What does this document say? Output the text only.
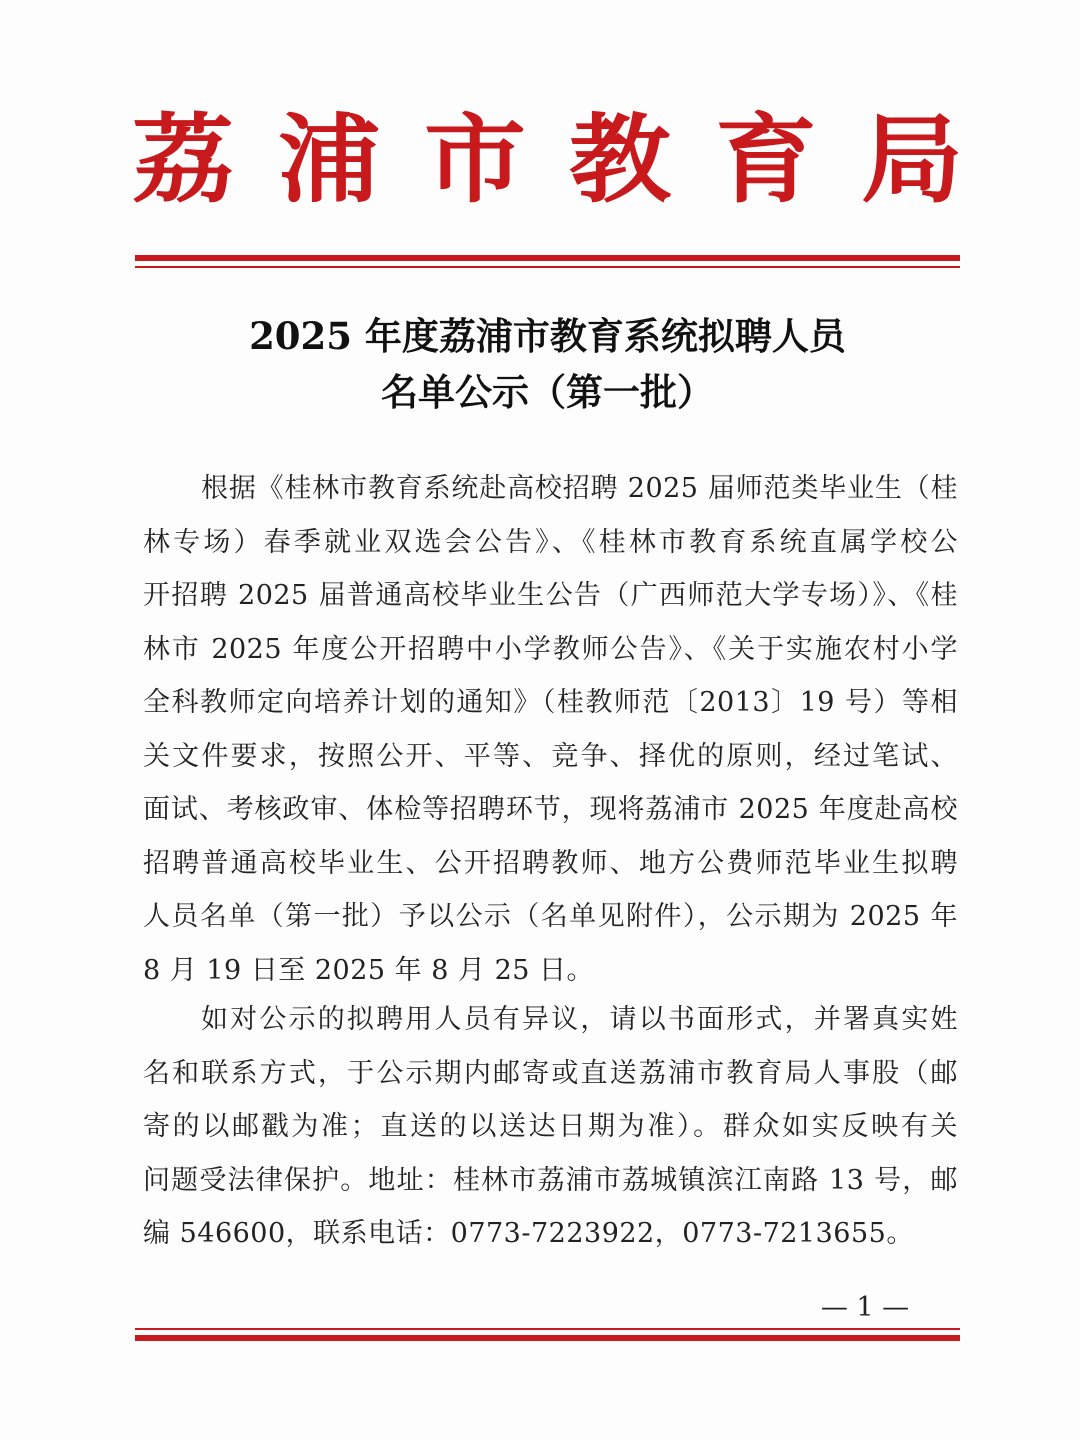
荔 浦 市 教 育 局
2025 年度荔浦市教育系统拟聘人员
名单公示（第一批）
根据《桂林市教育系统赴高校招聘 2025 届师范类毕业生（桂
林专场）春季就业双选会公告》、《桂林市教育系统直属学校公
开招聘 2025 届普通高校毕业生公告（广西师范大学专场）》、《桂
林市 2025 年度公开招聘中小学教师公告》、《关于实施农村小学
全科教师定向培养计划的通知》（桂教师范〔2013〕19 号）等相
关文件要求，按照公开、平等、竞争、择优的原则，经过笔试、
面试、考核政审、体检等招聘环节，现将荔浦市 2025 年度赴高校
招聘普通高校毕业生、公开招聘教师、地方公费师范毕业生拟聘
人员名单（第一批）予以公示（名单见附件），公示期为 2025 年
8 月 19 日至 2025 年 8 月 25 日。
如对公示的拟聘用人员有异议，请以书面形式，并署真实姓
名和联系方式，于公示期内邮寄或直送荔浦市教育局人事股（邮
寄的以邮戳为准；直送的以送达日期为准）。群众如实反映有关
问题受法律保护。地址：桂林市荔浦市荔城镇滨江南路 13 号，邮
编 546600，联系电话：0773-7223922，0773-7213655。
— 1 —
